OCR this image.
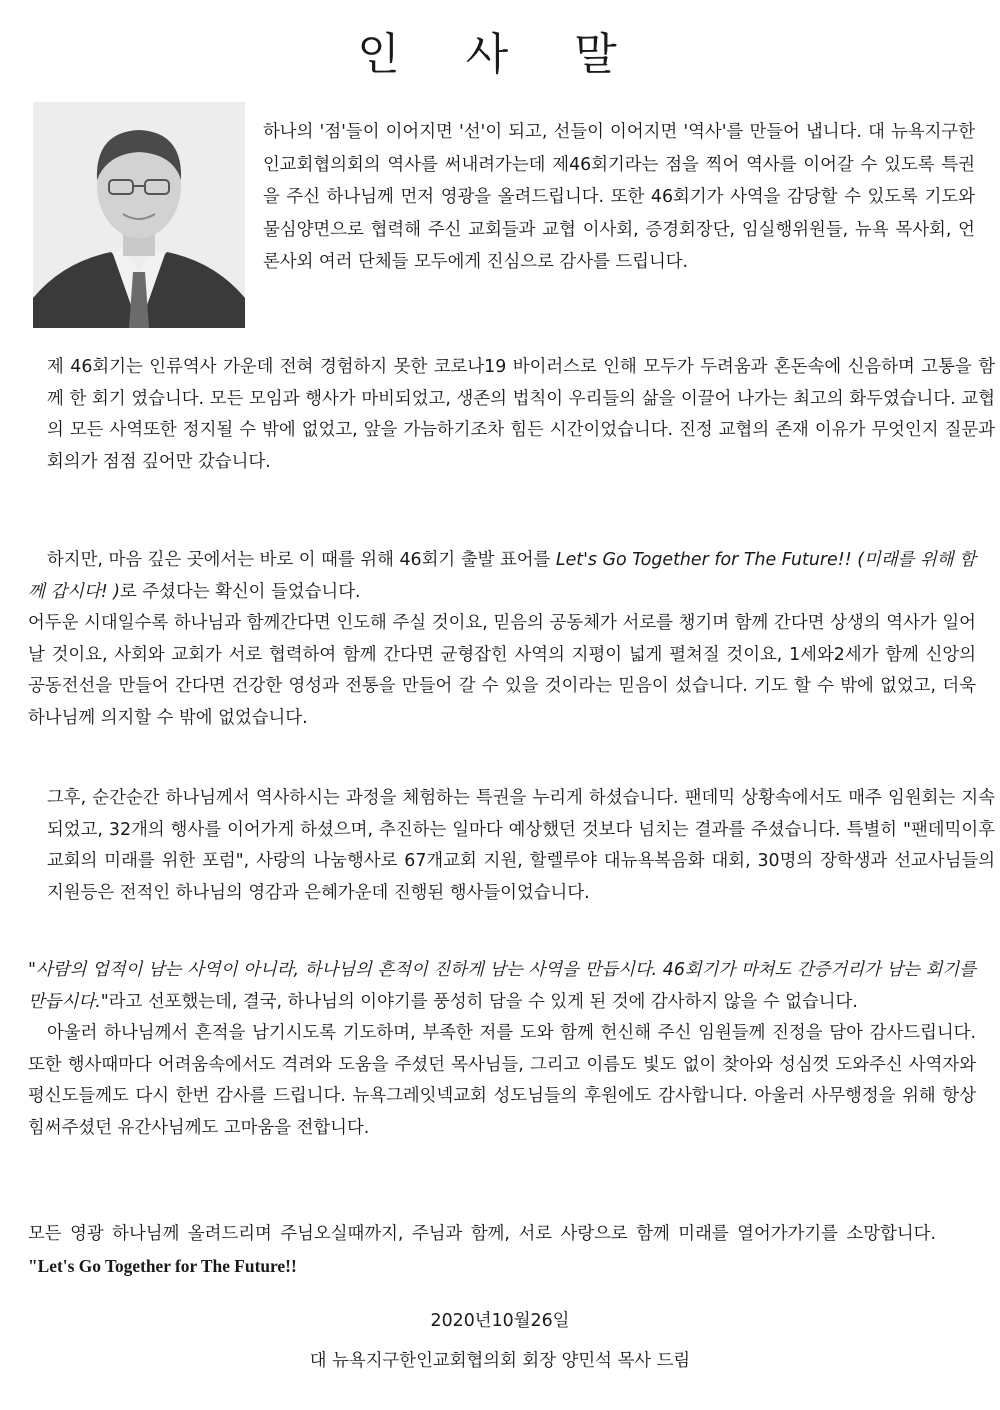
인 사 말

하나의 '점'들이 이어지면 '선'이 되고, 선들이 이어지면 '역사'를 만들어 냅니다. 대 뉴욕지구한인교회협의회의 역사를 써내려가는데 제46회기라는 점을 찍어 역사를 이어갈 수 있도록 특권을 주신 하나님께 먼저 영광을 올려드립니다. 또한 46회기가 사역을 감당할 수 있도록 기도와 물심양면으로 협력해 주신 교회들과 교협 이사회, 증경회장단, 임실행위원들, 뉴욕 목사회, 언론사외 여러 단체들 모두에게 진심으로 감사를 드립니다.

제 46회기는 인류역사 가운데 전혀 경험하지 못한 코로나19 바이러스로 인해 모두가 두려움과 혼돈속에 신음하며 고통을 함께 한 회기 였습니다. 모든 모임과 행사가 마비되었고, 생존의 법칙이 우리들의 삶을 이끌어 나가는 최고의 화두였습니다. 교협의 모든 사역또한 정지될 수 밖에 없었고, 앞을 가늠하기조차 힘든 시간이었습니다. 진정 교협의 존재 이유가 무엇인지 질문과 회의가 점점 깊어만 갔습니다.

하지만, 마음 깊은 곳에서는 바로 이 때를 위해 46회기 출발 표어를 Let's Go Together for The Future!! (미래를 위해 함께 갑시다! )로 주셨다는 확신이 들었습니다.
어두운 시대일수록 하나님과 함께간다면 인도해 주실 것이요, 믿음의 공동체가 서로를 챙기며 함께 간다면 상생의 역사가 일어날 것이요, 사회와 교회가 서로 협력하여 함께 간다면 균형잡힌 사역의 지평이 넓게 펼쳐질 것이요, 1세와2세가 함께 신앙의 공동전선을 만들어 간다면 건강한 영성과 전통을 만들어 갈 수 있을 것이라는 믿음이 섰습니다. 기도 할 수 밖에 없었고, 더욱 하나님께 의지할 수 밖에 없었습니다.

그후, 순간순간 하나님께서 역사하시는 과정을 체험하는 특권을 누리게 하셨습니다. 팬데믹 상황속에서도 매주 임원회는 지속 되었고, 32개의 행사를 이어가게 하셨으며, 추진하는 일마다 예상했던 것보다 넘치는 결과를 주셨습니다. 특별히 "팬데믹이후 교회의 미래를 위한 포럼", 사랑의 나눔행사로 67개교회 지원, 할렐루야 대뉴욕복음화 대회, 30명의 장학생과 선교사님들의 지원등은 전적인 하나님의 영감과 은혜가운데 진행된 행사들이었습니다.

"사람의 업적이 남는 사역이 아니라, 하나님의 흔적이 진하게 남는 사역을 만듭시다. 46회기가 마쳐도 간증거리가 남는 회기를 만듭시다."라고 선포했는데, 결국, 하나님의 이야기를 풍성히 담을 수 있게 된 것에 감사하지 않을 수 없습니다.
아울러 하나님께서 흔적을 남기시도록 기도하며, 부족한 저를 도와 함께 헌신해 주신 임원들께 진정을 담아 감사드립니다. 또한 행사때마다 어려움속에서도 격려와 도움을 주셨던 목사님들, 그리고 이름도 빛도 없이 찾아와 성심껏 도와주신 사역자와 평신도들께도 다시 한번 감사를 드립니다. 뉴욕그레잇넥교회 성도님들의 후원에도 감사합니다. 아울러 사무행정을 위해 항상 힘써주셨던 유간사님께도 고마움을 전합니다.

모든 영광 하나님께 올려드리며 주님오실때까지, 주님과 함께, 서로 사랑으로 함께 미래를 열어가가기를 소망합니다."Let's Go Together for The Future!!

2020년10월26일

대 뉴욕지구한인교회협의회 회장 양민석 목사 드림
